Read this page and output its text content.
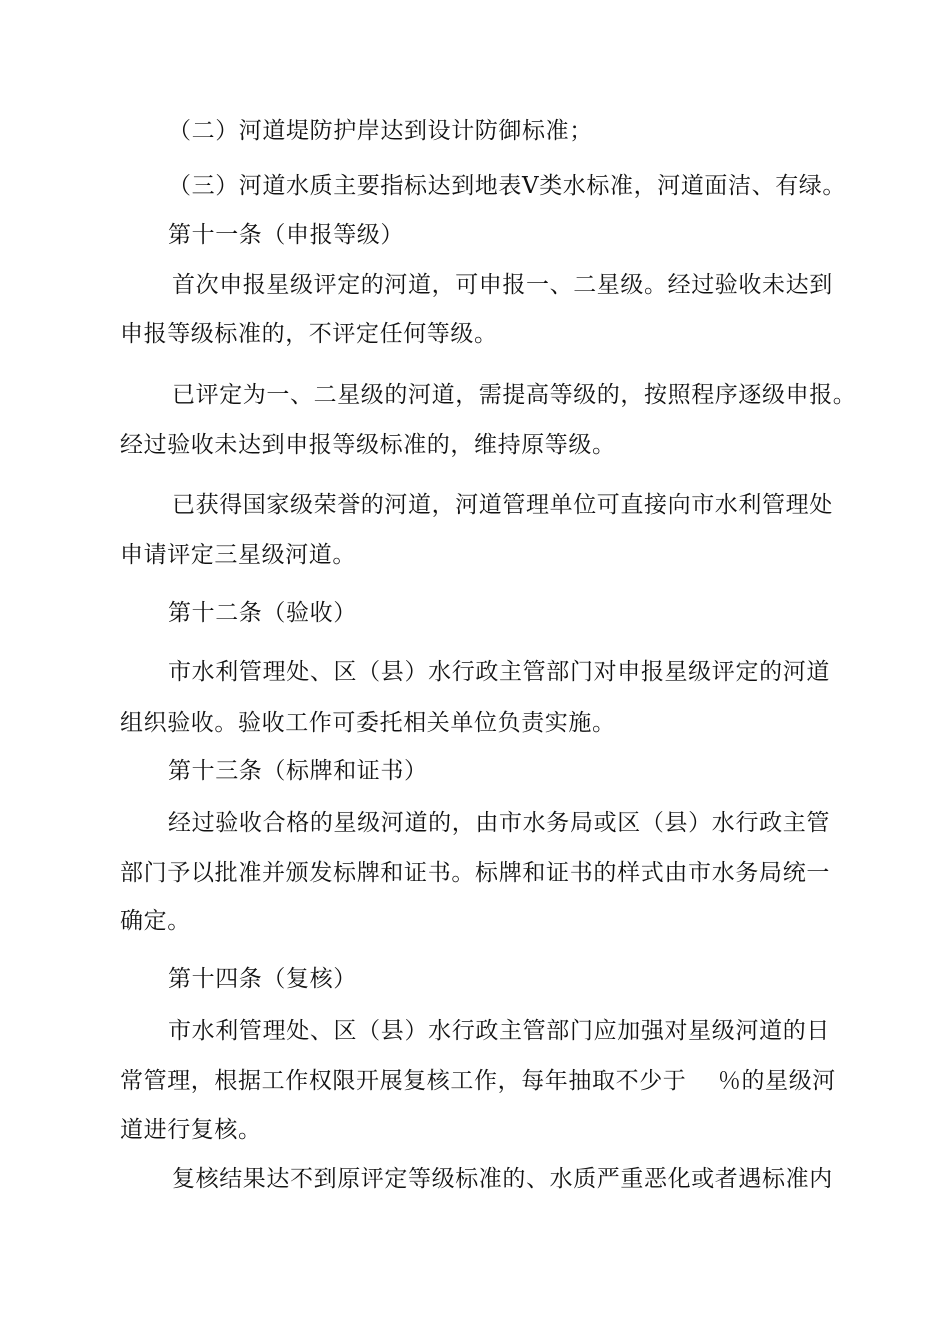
（二）河道堤防护岸达到设计防御标准；
（三）河道水质主要指标达到地表Ⅴ类水标准，河道面洁、有绿。
第十一条（申报等级）
首次申报星级评定的河道，可申报一、二星级。经过验收未达到
申报等级标准的，不评定任何等级。
已评定为一、二星级的河道，需提高等级的，按照程序逐级申报。
经过验收未达到申报等级标准的，维持原等级。
已获得国家级荣誉的河道，河道管理单位可直接向市水利管理处
申请评定三星级河道。
第十二条（验收）
市水利管理处、区（县）水行政主管部门对申报星级评定的河道
组织验收。验收工作可委托相关单位负责实施。
第十三条（标牌和证书）
经过验收合格的星级河道的，由市水务局或区（县）水行政主管
部门予以批准并颁发标牌和证书。标牌和证书的样式由市水务局统一
确定。
第十四条（复核）
市水利管理处、区（县）水行政主管部门应加强对星级河道的日
常管理，根据工作权限开展复核工作，每年抽取不少于　 ％的星级河
道进行复核。
复核结果达不到原评定等级标准的、水质严重恶化或者遇标准内
